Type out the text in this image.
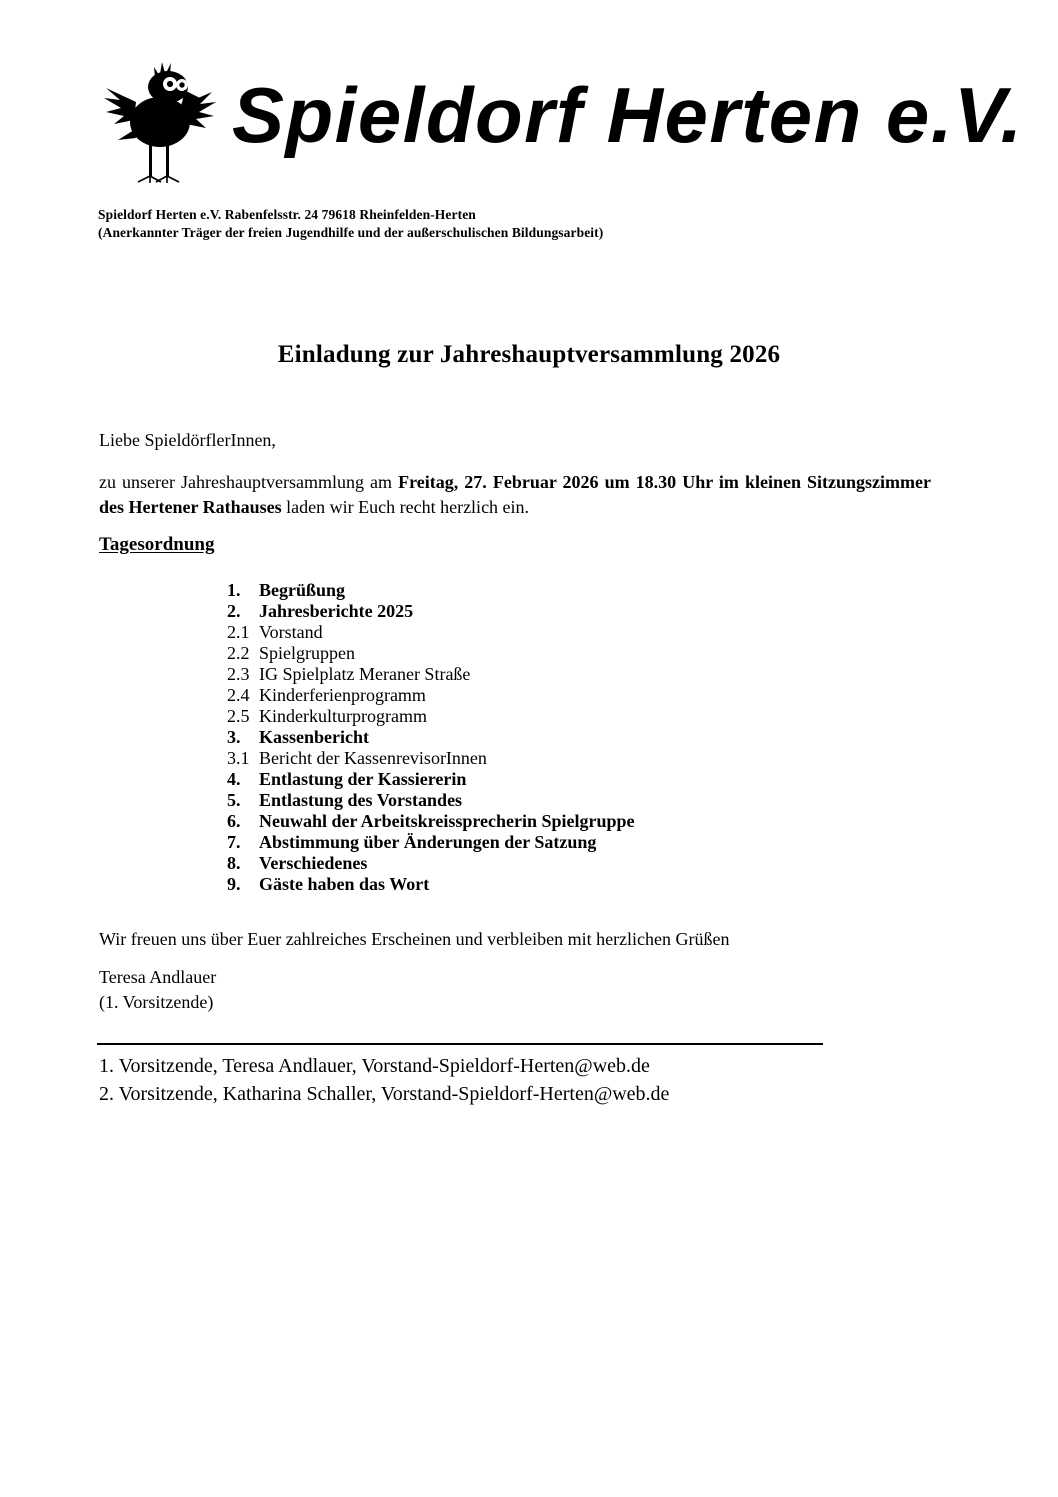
Spieldorf Herten e.V.
Spieldorf Herten e.V. Rabenfelsstr. 24 79618 Rheinfelden-Herten
(Anerkannter Träger der freien Jugendhilfe und der außerschulischen Bildungsarbeit)
Einladung zur Jahreshauptversammlung 2026
Liebe SpieldörflerInnen,
zu unserer Jahreshauptversammlung am Freitag, 27. Februar 2026 um 18.30 Uhr im kleinen Sitzungszimmer des Hertener Rathauses laden wir Euch recht herzlich ein.
Tagesordnung
1.	Begrüßung
2.	Jahresberichte 2025
2.1 Vorstand
2.2 Spielgruppen
2.3 IG Spielplatz Meraner Straße
2.4 Kinderferienprogramm
2.5 Kinderkulturprogramm
3.	Kassenbericht
3.1 Bericht der KassenrevisorInnen
4.	Entlastung der Kassiererin
5.	Entlastung des Vorstandes
6.	Neuwahl der Arbeitskreissprecherin Spielgruppe
7.	Abstimmung über Änderungen der Satzung
8.	Verschiedenes
9.	Gäste haben das Wort
Wir freuen uns über Euer zahlreiches Erscheinen und verbleiben mit herzlichen Grüßen
Teresa Andlauer
(1. Vorsitzende)
1. Vorsitzende, Teresa Andlauer, Vorstand-Spieldorf-Herten@web.de
2. Vorsitzende, Katharina Schaller, Vorstand-Spieldorf-Herten@web.de
